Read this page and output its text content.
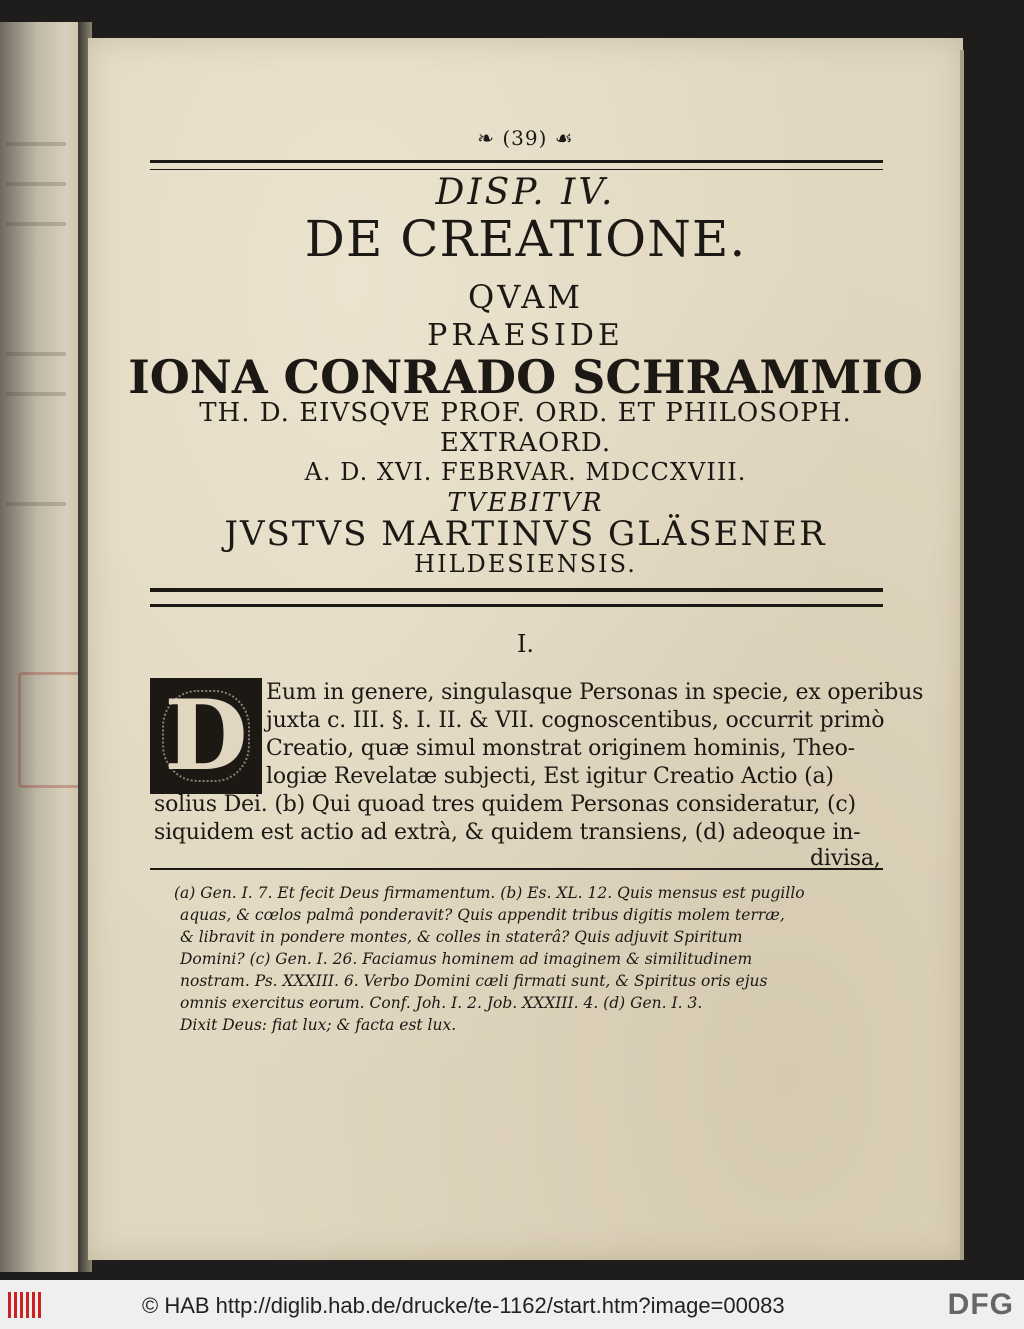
❧ (39) ☙
DISP. IV.
DE CREATIONE.
QVAM
PRAESIDE
IONA CONRADO SCHRAMMIO
TH. D. EIVSQVE PROF. ORD. ET PHILOSOPH.
EXTRAORD.
A. D. XVI. FEBRVAR. MDCCXVIII.
TVEBITVR
JVSTVS MARTINVS GLÄSENER
HILDESIENSIS.
I.
D Eum in genere, singulasque Personas in specie, ex operibus
juxta c. III. §. I. II. & VII. cognoscentibus, occurrit primò
Creatio, quæ simul monstrat originem hominis, Theo-
logiæ Revelatæ subjecti, Est igitur Creatio Actio (a)
solius Dei. (b) Qui quoad tres quidem Personas consideratur, (c)
siquidem est actio ad extrà, & quidem transiens, (d) adeoque in-
divisa,
(a) Gen. I. 7. Et fecit Deus firmamentum. (b) Es. XL. 12. Quis mensus est pugillo
aquas, & cœlos palmâ ponderavit? Quis appendit tribus digitis molem terræ,
& libravit in pondere montes, & colles in staterâ? Quis adjuvit Spiritum
Domini? (c) Gen. I. 26. Faciamus hominem ad imaginem & similitudinem
nostram. Ps. XXXIII. 6. Verbo Domini cæli firmati sunt, & Spiritus oris ejus
omnis exercitus eorum. Conf. Joh. I. 2. Job. XXXIII. 4. (d) Gen. I. 3.
Dixit Deus: fiat lux; & facta est lux.
© HAB http://diglib.hab.de/drucke/te-1162/start.htm?image=00083	DFG
